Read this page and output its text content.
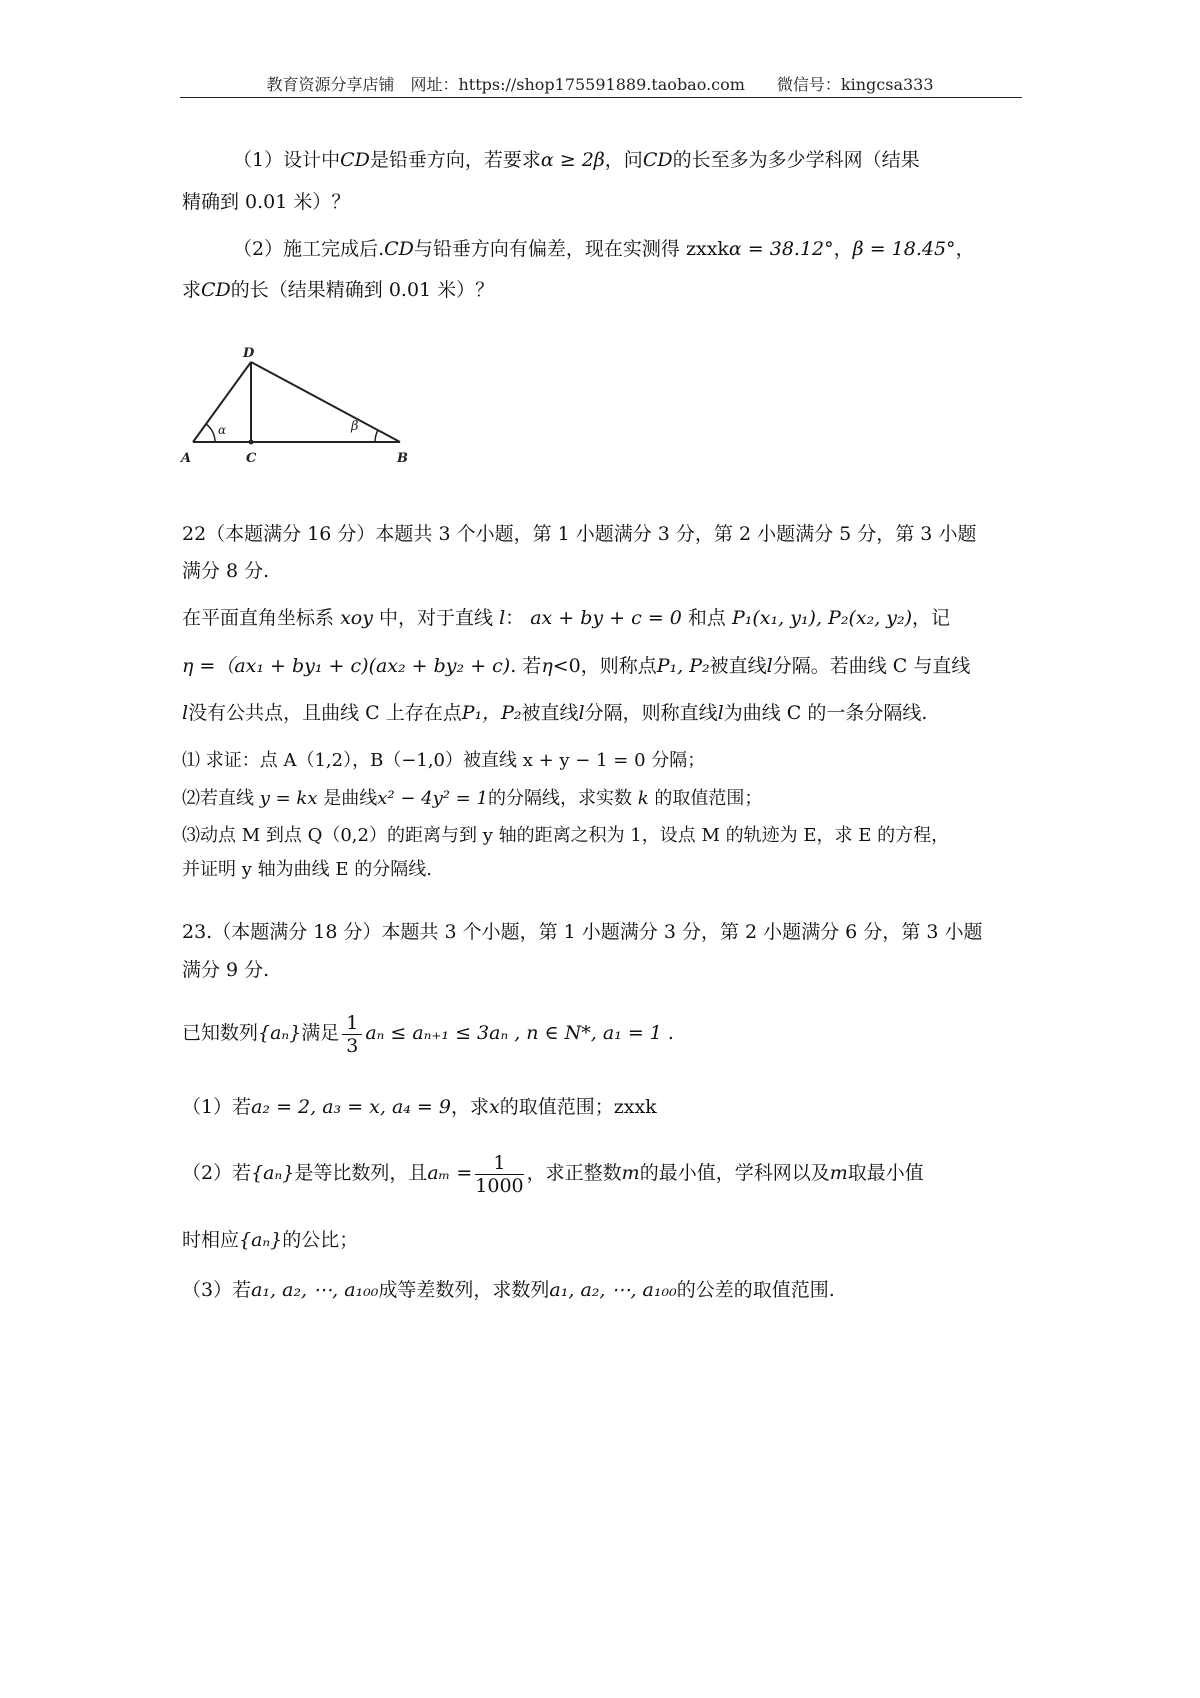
教育资源分享店铺　网址：https://shop175591889.taobao.com　　微信号：kingcsa333
（1）设计中CD是铅垂方向，若要求α ≥ 2β，问CD的长至多为多少学科网（结果
精确到 0.01 米）？
（2）施工完成后.CD与铅垂方向有偏差，现在实测得 zxxkα = 38.12°，β = 18.45°，
求CD的长（结果精确到 0.01 米）？
D
A	C	B
α	β
22（本题满分 16 分）本题共 3 个小题，第 1 小题满分 3 分，第 2 小题满分 5 分，第 3 小题
满分 8 分.
在平面直角坐标系 xoy 中，对于直线 l： ax + by + c = 0 和点 P₁(x₁, y₁), P₂(x₂, y₂)，记
η =（ax₁ + by₁ + c)(ax₂ + by₂ + c). 若η<0，则称点P₁, P₂被直线l分隔。若曲线 C 与直线
l没有公共点，且曲线 C 上存在点P₁，P₂被直线l分隔，则称直线l为曲线 C 的一条分隔线.
⑴ 求证：点 A（1,2），B（−1,0）被直线 x + y − 1 = 0 分隔；
⑵若直线 y = kx 是曲线x² − 4y² = 1的分隔线，求实数 k 的取值范围；
⑶动点 M 到点 Q（0,2）的距离与到 y 轴的距离之积为 1，设点 M 的轨迹为 E，求 E 的方程，
并证明 y 轴为曲线 E 的分隔线.
23.（本题满分 18 分）本题共 3 个小题，第 1 小题满分 3 分，第 2 小题满分 6 分，第 3 小题
满分 9 分.
已知数列{aₙ}满足 $\frac{1}{3}$ aₙ ≤ aₙ₊₁ ≤ 3aₙ , n ∈ N*, a₁ = 1 .
（1）若a₂ = 2, a₃ = x, a₄ = 9，求x的取值范围；zxxk
（2）若{aₙ}是等比数列，且$a_m = \frac{1}{1000}$ ，求正整数m的最小值，学科网以及m取最小值
时相应{aₙ}的公比；
（3）若a₁, a₂, ⋯, a₁₀₀成等差数列，求数列a₁, a₂, ⋯, a₁₀₀的公差的取值范围.
